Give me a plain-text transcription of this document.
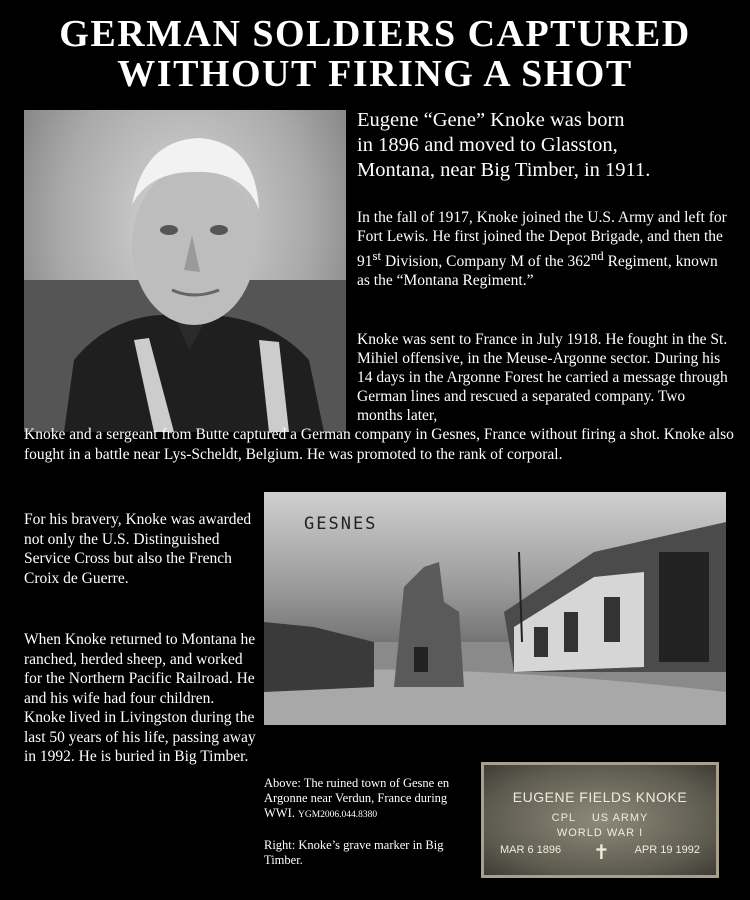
GERMAN SOLDIERS CAPTURED
WITHOUT FIRING A SHOT
Eugene “Gene” Knoke was born
in 1896 and moved to Glasston,
Montana, near Big Timber, in 1911.
In the fall of 1917, Knoke joined the U.S. Army and left for Fort Lewis. He first joined the Depot Brigade, and then the 91st Division, Company M of the 362nd Regiment, known as the “Montana Regiment.”
Knoke was sent to France in July 1918. He fought in the St. Mihiel offensive, in the Meuse-Argonne sector. During his 14 days in the Argonne Forest he carried a message through German lines and rescued a separated company. Two months later,
Knoke and a sergeant from Butte captured a German company in Gesnes, France without firing a shot. Knoke also fought in a battle near Lys-Scheldt, Belgium. He was promoted to the rank of corporal.
For his bravery, Knoke was awarded not only the U.S. Distinguished Service Cross but also the French Croix de Guerre.
When Knoke returned to Montana he ranched, herded sheep, and worked for the Northern Pacific Railroad. He and his wife had four children. Knoke lived in Livingston during the last 50 years of his life, passing away in 1992. He is buried in Big Timber.
GESNES
Above: The ruined town of Gesne en Argonne near Verdun, France during WWI. YGM2006.044.8380
Right: Knoke’s grave marker in Big Timber.
EUGENE FIELDS KNOKE
CPL    US ARMY
WORLD WAR I
MAR 6 1896 ✝ APR 19 1992
